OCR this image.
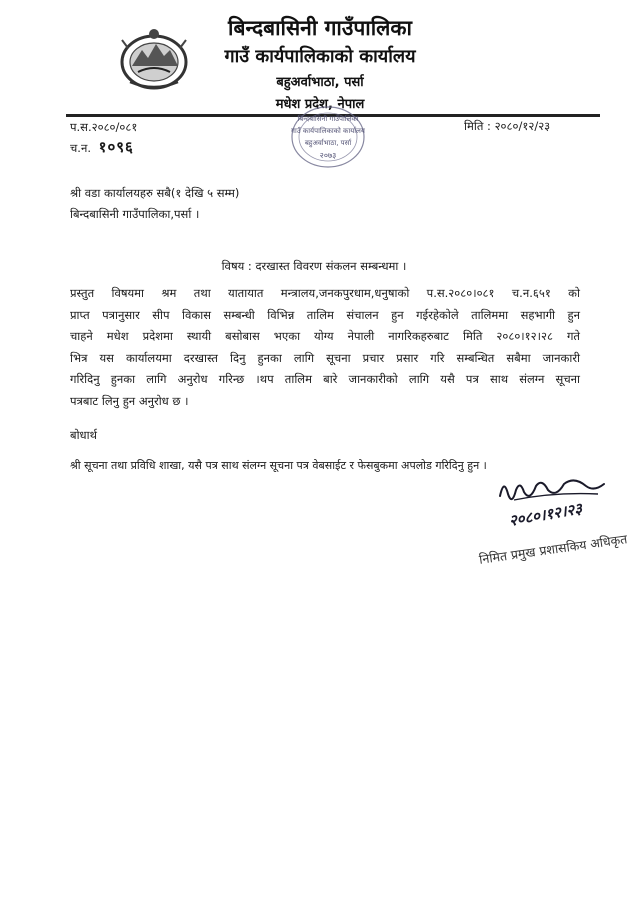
बिन्दबासिनी गाउँपालिका
गाउँ कार्यपालिकाको कार्यालय
बहुअर्वाभाठा, पर्सा
मधेश प्रदेश, नेपाल
प.स.२०८०/०८१
च.न. १०९६
मिति : २०८०/१२/२३
बिन्दबासिनी गाउँपालिका
गाउँ कार्यपालिकाको कार्यालय
बहुअर्वाभाठा, पर्सा
२०७३
श्री वडा कार्यालयहरु सबै(१ देखि ५ सम्म)
बिन्दबासिनी गाउँपालिका,पर्सा ।
विषय : दरखास्त विवरण संकलन सम्बन्धमा ।
प्रस्तुत विषयमा श्रम तथा यातायात मन्त्रालय,जनकपुरधाम,धनुषाको प.स.२०८०।०८१ च.न.६५१ को
प्राप्त पत्रानुसार सीप विकास सम्बन्धी विभिन्न तालिम संचालन हुन गईरहेकोले तालिममा सहभागी हुन
चाहने मधेश प्रदेशमा स्थायी बसोबास भएका योग्य नेपाली नागरिकहरुबाट मिति २०८०।१२।२८ गते
भित्र यस कार्यालयमा दरखास्त दिनु हुनका लागि सूचना प्रचार प्रसार गरि सम्बन्धित सबैमा जानकारी
गरिदिनु हुनका लागि अनुरोध गरिन्छ ।थप तालिम बारे जानकारीको लागि यसै पत्र साथ संलग्न सूचना
पत्रबाट लिनु हुन अनुरोध छ ।
बोधार्थ
श्री सूचना तथा प्रविधि शाखा, यसै पत्र साथ संलग्न सूचना पत्र वेबसाईट र फेसबुकमा अपलोड गरिदिनु हुन ।
२०८०।१२।२३
निमित प्रमुख प्रशासकिय अधिकृत
